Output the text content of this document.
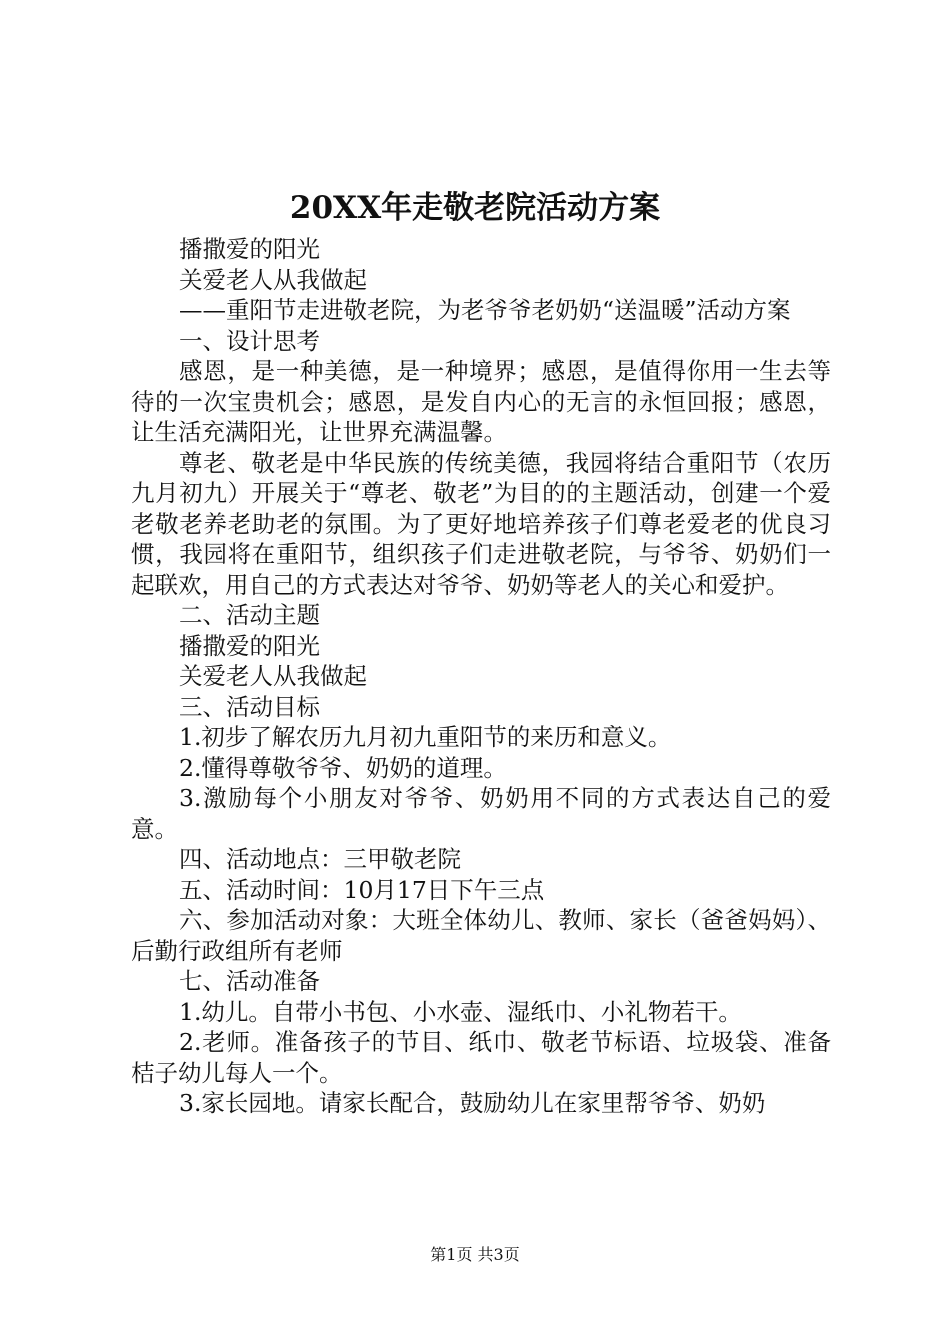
20XX年走敬老院活动方案

播撒爱的阳光

关爱老人从我做起

——重阳节走进敬老院，为老爷爷老奶奶“送温暖”活动方案

一、设计思考

感恩，是一种美德，是一种境界；感恩，是值得你用一生去等待的一次宝贵机会；感恩，是发自内心的无言的永恒回报；感恩，让生活充满阳光，让世界充满温馨。

尊老、敬老是中华民族的传统美德，我园将结合重阳节（农历九月初九）开展关于“尊老、敬老”为目的的主题活动，创建一个爱老敬老养老助老的氛围。为了更好地培养孩子们尊老爱老的优良习惯，我园将在重阳节，组织孩子们走进敬老院，与爷爷、奶奶们一起联欢，用自己的方式表达对爷爷、奶奶等老人的关心和爱护。

二、活动主题

播撒爱的阳光

关爱老人从我做起

三、活动目标

1.初步了解农历九月初九重阳节的来历和意义。

2.懂得尊敬爷爷、奶奶的道理。

3.激励每个小朋友对爷爷、奶奶用不同的方式表达自己的爱意。

四、活动地点：三甲敬老院

五、活动时间：10月17日下午三点

六、参加活动对象：大班全体幼儿、教师、家长（爸爸妈妈）、后勤行政组所有老师

七、活动准备

1.幼儿。自带小书包、小水壶、湿纸巾、小礼物若干。

2.老师。准备孩子的节目、纸巾、敬老节标语、垃圾袋、准备桔子幼儿每人一个。

3.家长园地。请家长配合，鼓励幼儿在家里帮爷爷、奶奶

第1页 共3页
